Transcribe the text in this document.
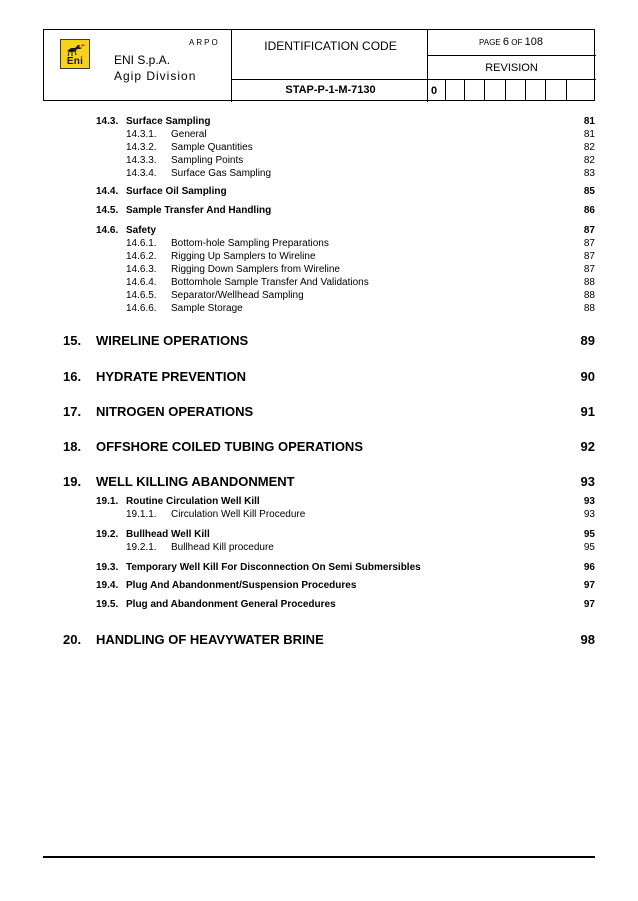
Eni
ARPO
ENI S.p.A.
Agip Division
IDENTIFICATION CODE
STAP-P-1-M-7130
PAGE 6 OF 108
REVISION
0
14.3. Surface Sampling	81
14.3.1. General	81
14.3.2. Sample Quantities	82
14.3.3. Sampling Points	82
14.3.4. Surface Gas Sampling	83
14.4. Surface Oil Sampling	85
14.5. Sample Transfer And Handling	86
14.6. Safety	87
14.6.1. Bottom-hole Sampling Preparations	87
14.6.2. Rigging Up Samplers to Wireline	87
14.6.3. Rigging Down Samplers from Wireline	87
14.6.4. Bottomhole Sample Transfer And Validations	88
14.6.5. Separator/Wellhead Sampling	88
14.6.6. Sample Storage	88
15. WIRELINE OPERATIONS	89
16. HYDRATE PREVENTION	90
17. NITROGEN OPERATIONS	91
18. OFFSHORE COILED TUBING OPERATIONS	92
19. WELL KILLING ABANDONMENT	93
19.1. Routine Circulation Well Kill	93
19.1.1. Circulation Well Kill Procedure	93
19.2. Bullhead Well Kill	95
19.2.1. Bullhead Kill procedure	95
19.3. Temporary Well Kill For Disconnection On Semi Submersibles	96
19.4. Plug And Abandonment/Suspension Procedures	97
19.5. Plug and Abandonment General Procedures	97
20. HANDLING OF HEAVYWATER BRINE	98
